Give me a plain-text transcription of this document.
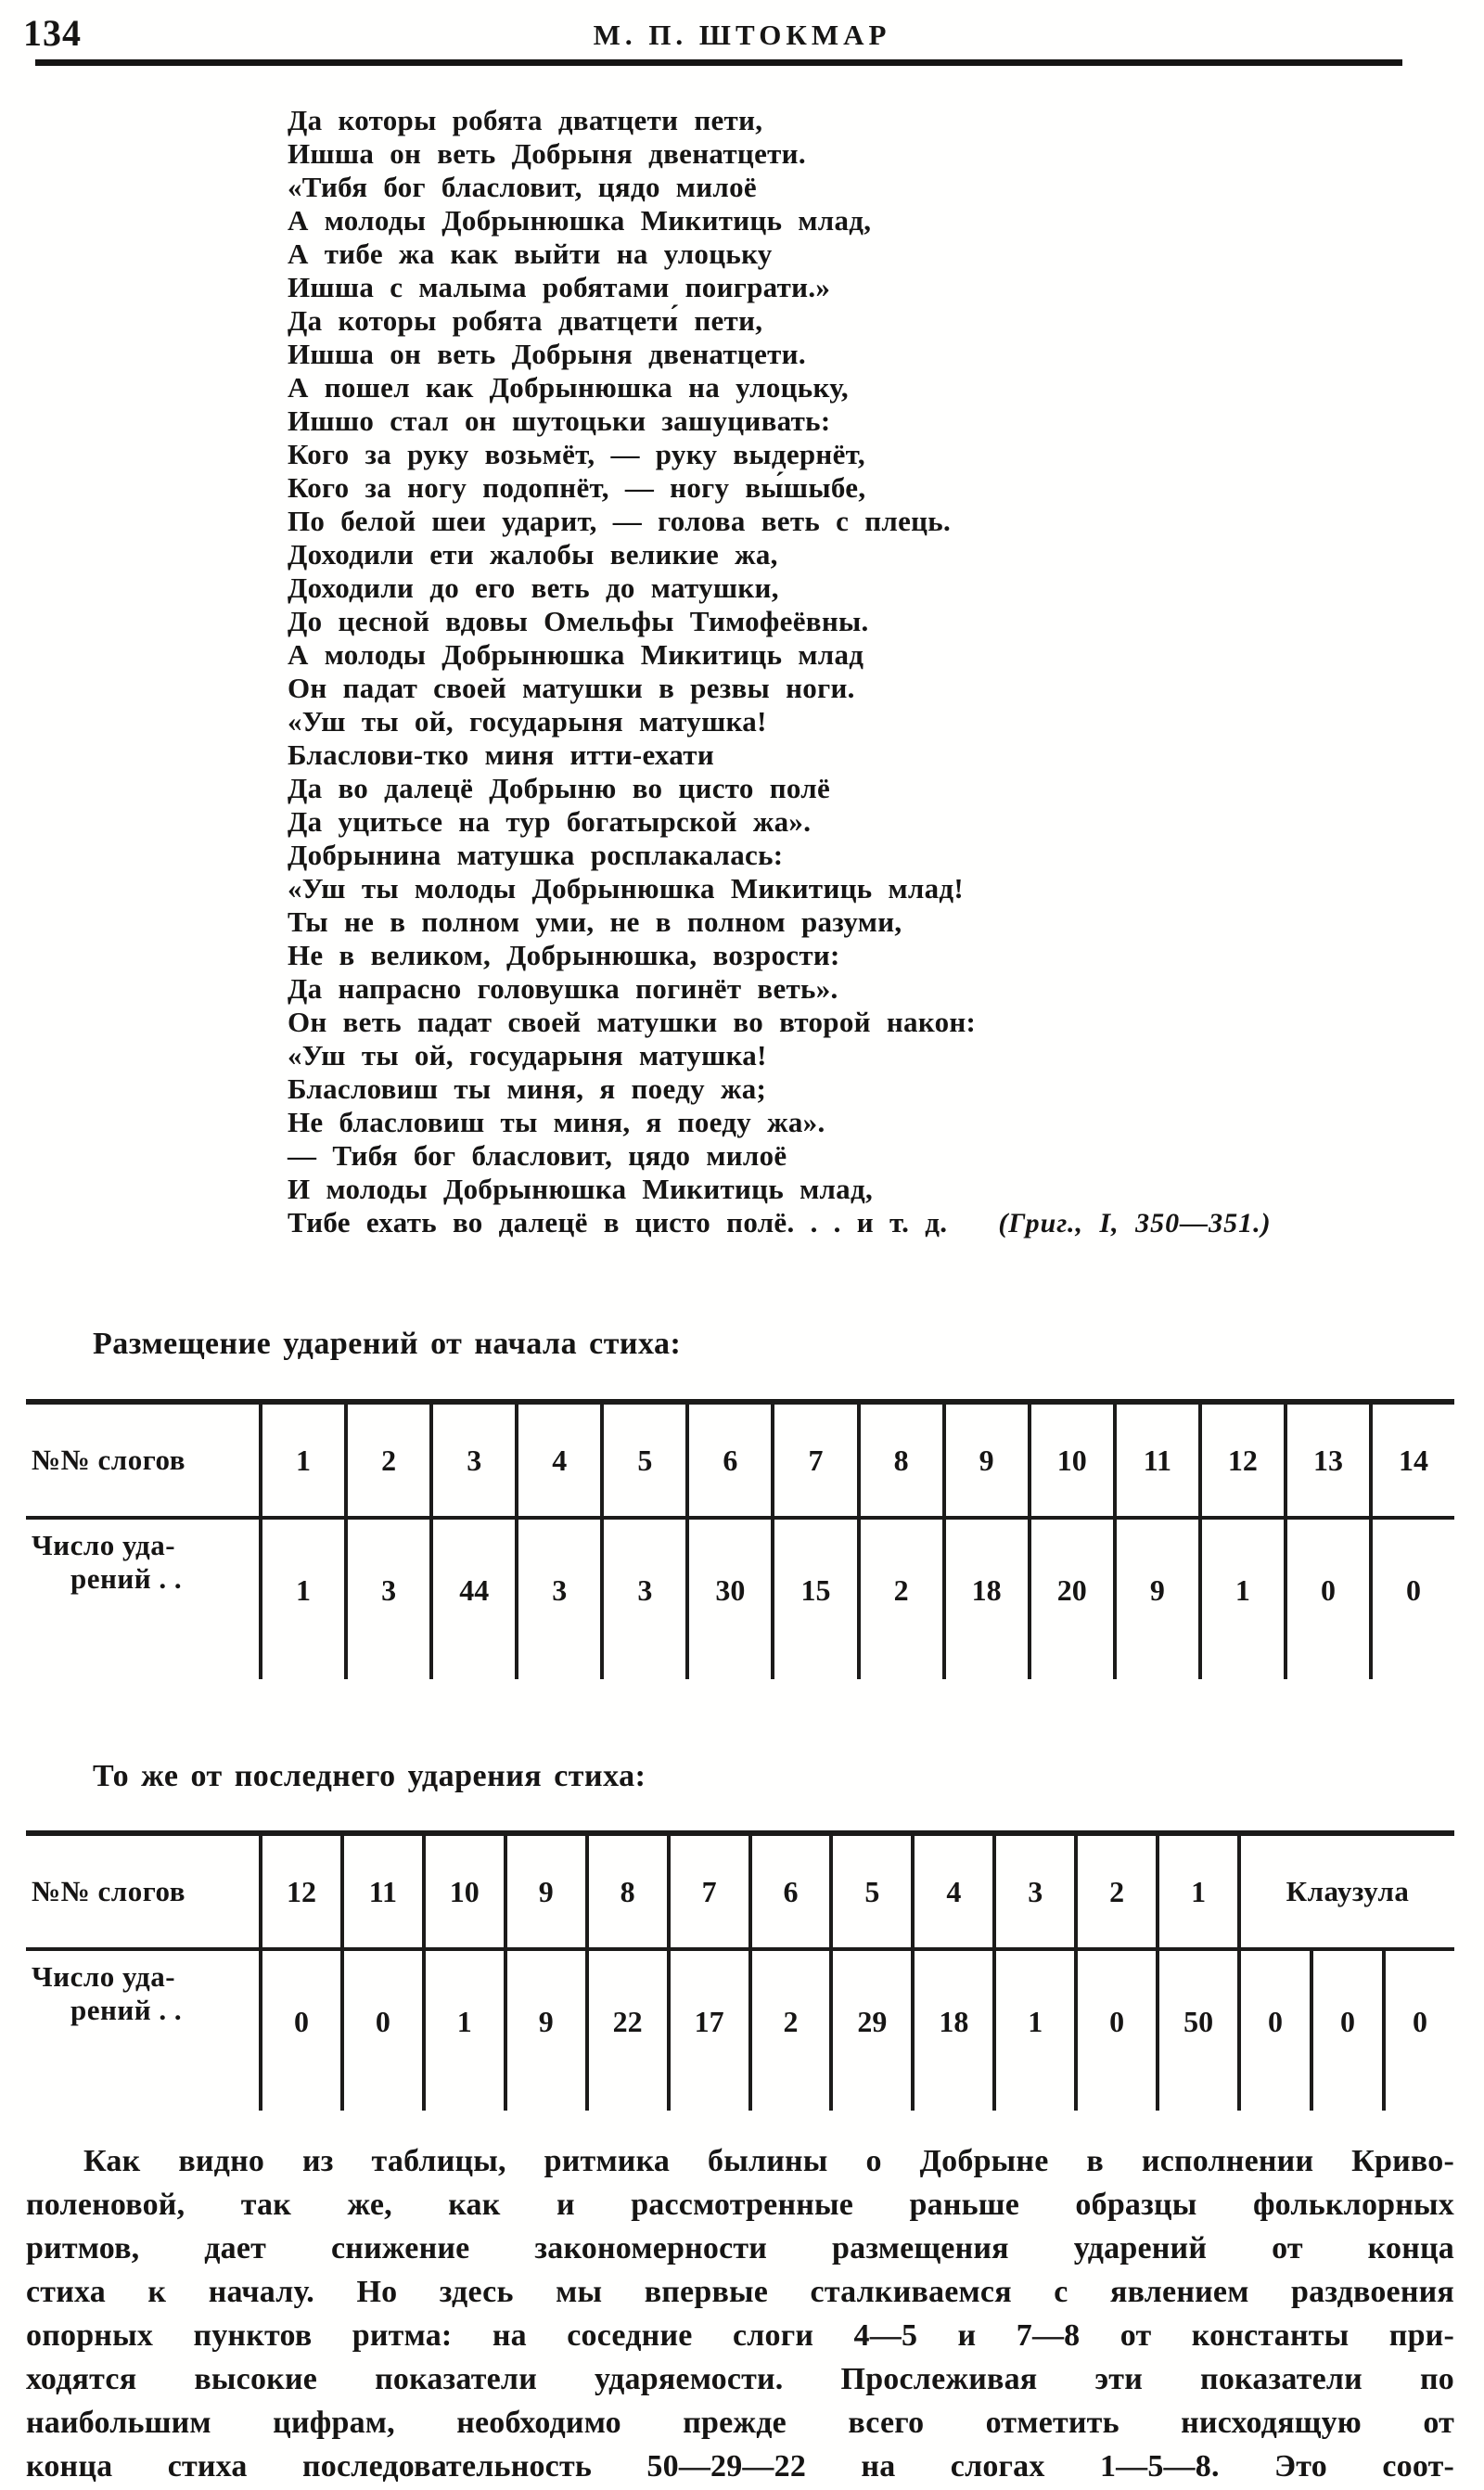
134	М. П. ШТОКМАР
Да которы робята дватцети пети,
Ишша он веть Добрыня двенатцети.
«Тибя бог бласловит, цядо милоё
А молоды Добрынюшка Микитиць млад,
А тибе жа как выйти на улоцьку
Ишша с малыма робятами поиграти.»
Да которы робята дватцети́ пети,
Ишша он веть Добрыня двенатцети.
А пошел как Добрынюшка на улоцьку,
Ишшо стал он шутоцьки зашуцивать:
Кого за руку возьмёт, — руку выдернёт,
Кого за ногу подопнёт, — ногу вы́шыбе,
По белой шеи ударит, — голова веть с плець.
Доходили ети жалобы великие жа,
Доходили до его веть до матушки,
До цесной вдовы Омельфы Тимофеёвны.
А молоды Добрынюшка Микитиць млад
Он падат своей матушки в резвы ноги.
«Уш ты ой, государыня матушка!
Бласлови-тко миня итти-ехати
Да во далецё Добрыню во цисто полё
Да уцитьсе на тур богатырской жа».
Добрынина матушка росплакалась:
«Уш ты молоды Добрынюшка Микитиць млад!
Ты не в полном уми, не в полном разуми,
Не в великом, Добрынюшка, возрости:
Да напрасно головушка погинёт веть».
Он веть падат своей матушки во второй након:
«Уш ты ой, государыня матушка!
Бласловиш ты миня, я поеду жа;
Не бласловиш ты миня, я поеду жа».
— Тибя бог бласловит, цядо милоё
И молоды Добрынюшка Микитиць млад,
Тибе ехать во далецё в цисто полё. . . и т. д. (Григ., I, 350—351.)
Размещение ударений от начала стиха:
№№ слогов	1	2	3	4	5	6	7	8	9	10	11	12	13	14
Число уда-
рений . .	1	3	44	3	3	30	15	2	18	20	9	1	0	0
То же от последнего ударения стиха:
№№ слогов	12	11	10	9	8	7	6	5	4	3	2	1	Клаузула
Число уда-
рений . .	0	0	1	9	22	17	2	29	18	1	0	50	0	0	0
Как видно из таблицы, ритмика былины о Добрыне в исполнении Криво-
поленовой, так же, как и рассмотренные раньше образцы фольклорных
ритмов, дает снижение закономерности размещения ударений от конца
стиха к началу. Но здесь мы впервые сталкиваемся с явлением раздвоения
опорных пунктов ритма: на соседние слоги 4—5 и 7—8 от константы при-
ходятся высокие показатели ударяемости. Прослеживая эти показатели по
наибольшим цифрам, необходимо прежде всего отметить нисходящую от
конца стиха последовательность 50—29—22 на слогах 1—5—8. Это соот-
